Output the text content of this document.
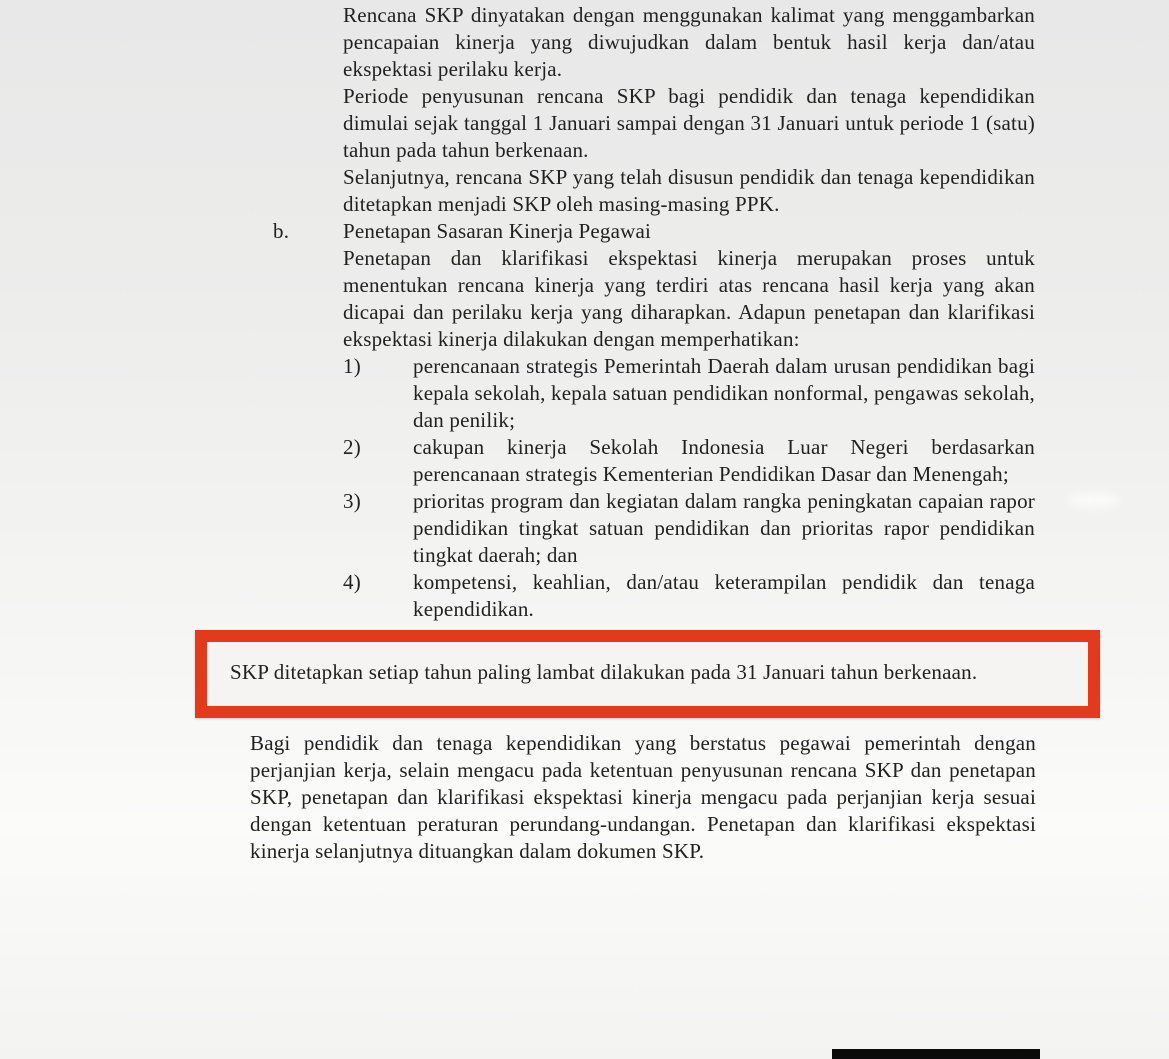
Rencana SKP dinyatakan dengan menggunakan kalimat yang menggambarkan pencapaian kinerja yang diwujudkan dalam bentuk hasil kerja dan/atau ekspektasi perilaku kerja.

Periode penyusunan rencana SKP bagi pendidik dan tenaga kependidikan dimulai sejak tanggal 1 Januari sampai dengan 31 Januari untuk periode 1 (satu) tahun pada tahun berkenaan.

Selanjutnya, rencana SKP yang telah disusun pendidik dan tenaga kependidikan ditetapkan menjadi SKP oleh masing-masing PPK.

b.	Penetapan Sasaran Kinerja Pegawai

Penetapan dan klarifikasi ekspektasi kinerja merupakan proses untuk menentukan rencana kinerja yang terdiri atas rencana hasil kerja yang akan dicapai dan perilaku kerja yang diharapkan. Adapun penetapan dan klarifikasi ekspektasi kinerja dilakukan dengan memperhatikan:

1)	perencanaan strategis Pemerintah Daerah dalam urusan pendidikan bagi kepala sekolah, kepala satuan pendidikan nonformal, pengawas sekolah, dan penilik;

2)	cakupan kinerja Sekolah Indonesia Luar Negeri berdasarkan perencanaan strategis Kementerian Pendidikan Dasar dan Menengah;

3)	prioritas program dan kegiatan dalam rangka peningkatan capaian rapor pendidikan tingkat satuan pendidikan dan prioritas rapor pendidikan tingkat daerah; dan

4)	kompetensi, keahlian, dan/atau keterampilan pendidik dan tenaga kependidikan.

SKP ditetapkan setiap tahun paling lambat dilakukan pada 31 Januari tahun berkenaan.

Bagi pendidik dan tenaga kependidikan yang berstatus pegawai pemerintah dengan perjanjian kerja, selain mengacu pada ketentuan penyusunan rencana SKP dan penetapan SKP, penetapan dan klarifikasi ekspektasi kinerja mengacu pada perjanjian kerja sesuai dengan ketentuan peraturan perundang-undangan. Penetapan dan klarifikasi ekspektasi kinerja selanjutnya dituangkan dalam dokumen SKP.
